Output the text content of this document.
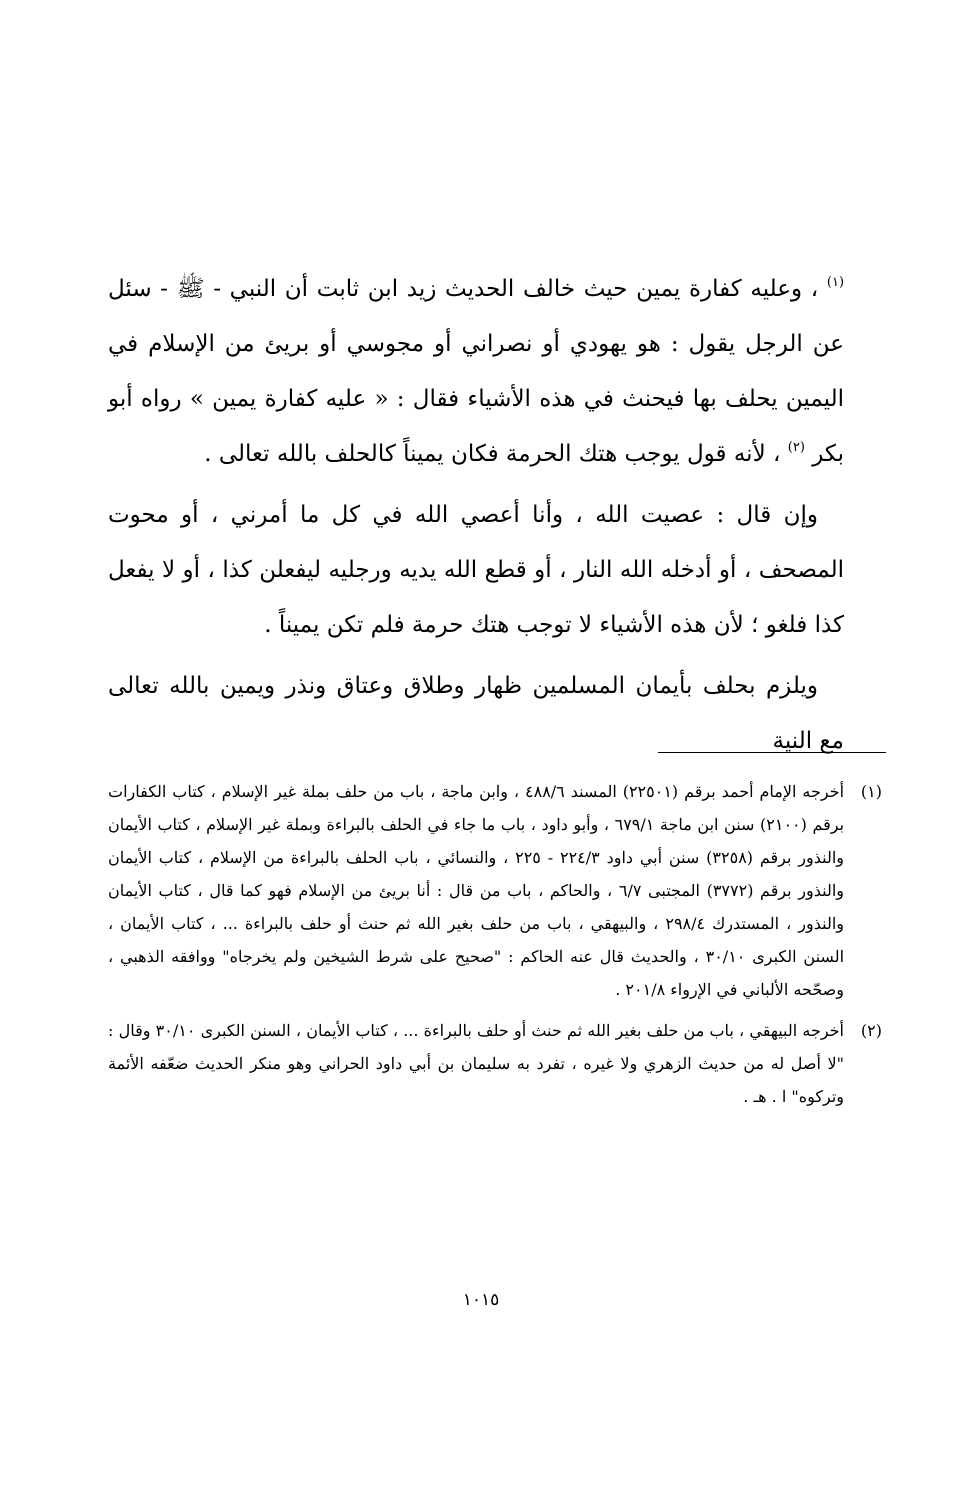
$^{(١)}$ ، وعليه كفارة يمين حيث خالف الحديث زيد ابن ثابت أن النبي - ﷺ - سئل عن الرجل يقول : هو يهودي أو نصراني أو مجوسي أو بريئ من الإسلام في اليمين يحلف بها فيحنث في هذه الأشياء فقال : « عليه كفارة يمين » رواه أبو بكر $^{(٢)}$ ، لأنه قول يوجب هتك الحرمة فكان يميناً كالحلف بالله تعالى .

وإن قال : عصيت الله ، وأنا أعصي الله في كل ما أمرني ، أو محوت المصحف ، أو أدخله الله النار ، أو قطع الله يديه ورجليه ليفعلن كذا ، أو لا يفعل كذا فلغو ؛ لأن هذه الأشياء لا توجب هتك حرمة فلم تكن يميناً .

ويلزم بحلف بأيمان المسلمين ظهار وطلاق وعتاق ونذر ويمين بالله تعالى مع النية

(١)
أخرجه الإمام أحمد برقم (٢٢٥٠١) المسند ٤٨٨/٦ ، وابن ماجة ، باب من حلف بملة غير الإسلام ، كتاب الكفارات برقم (٢١٠٠) سنن ابن ماجة ٦٧٩/١ ، وأبو داود ، باب ما جاء في الحلف بالبراءة وبملة غير الإسلام ، كتاب الأيمان والنذور برقم (٣٢٥٨) سنن أبي داود ٢٢٤/٣ - ٢٢٥ ، والنسائي ، باب الحلف بالبراءة من الإسلام ، كتاب الأيمان والنذور برقم (٣٧٧٢) المجتبى ٦/٧ ، والحاكم ، باب من قال : أنا بريئ من الإسلام فهو كما قال ، كتاب الأيمان والنذور ، المستدرك ٢٩٨/٤ ، والبيهقي ، باب من حلف بغير الله ثم حنث أو حلف بالبراءة ... ، كتاب الأيمان ، السنن الكبرى ٣٠/١٠ ، والحديث قال عنه الحاكم : "صحيح على شرط الشيخين ولم يخرجاه" ووافقه الذهبي ، وصحّحه الألباني في الإرواء ٢٠١/٨ .
(٢)
أخرجه البيهقي ، باب من حلف بغير الله ثم حنث أو حلف بالبراءة ... ، كتاب الأيمان ، السنن الكبرى ٣٠/١٠ وقال : "لا أصل له من حديث الزهري ولا غيره ، تفرد به سليمان بن أبي داود الحراني وهو منكر الحديث ضعّفه الأئمة وتركوه" ا . هـ .
١٠١٥
